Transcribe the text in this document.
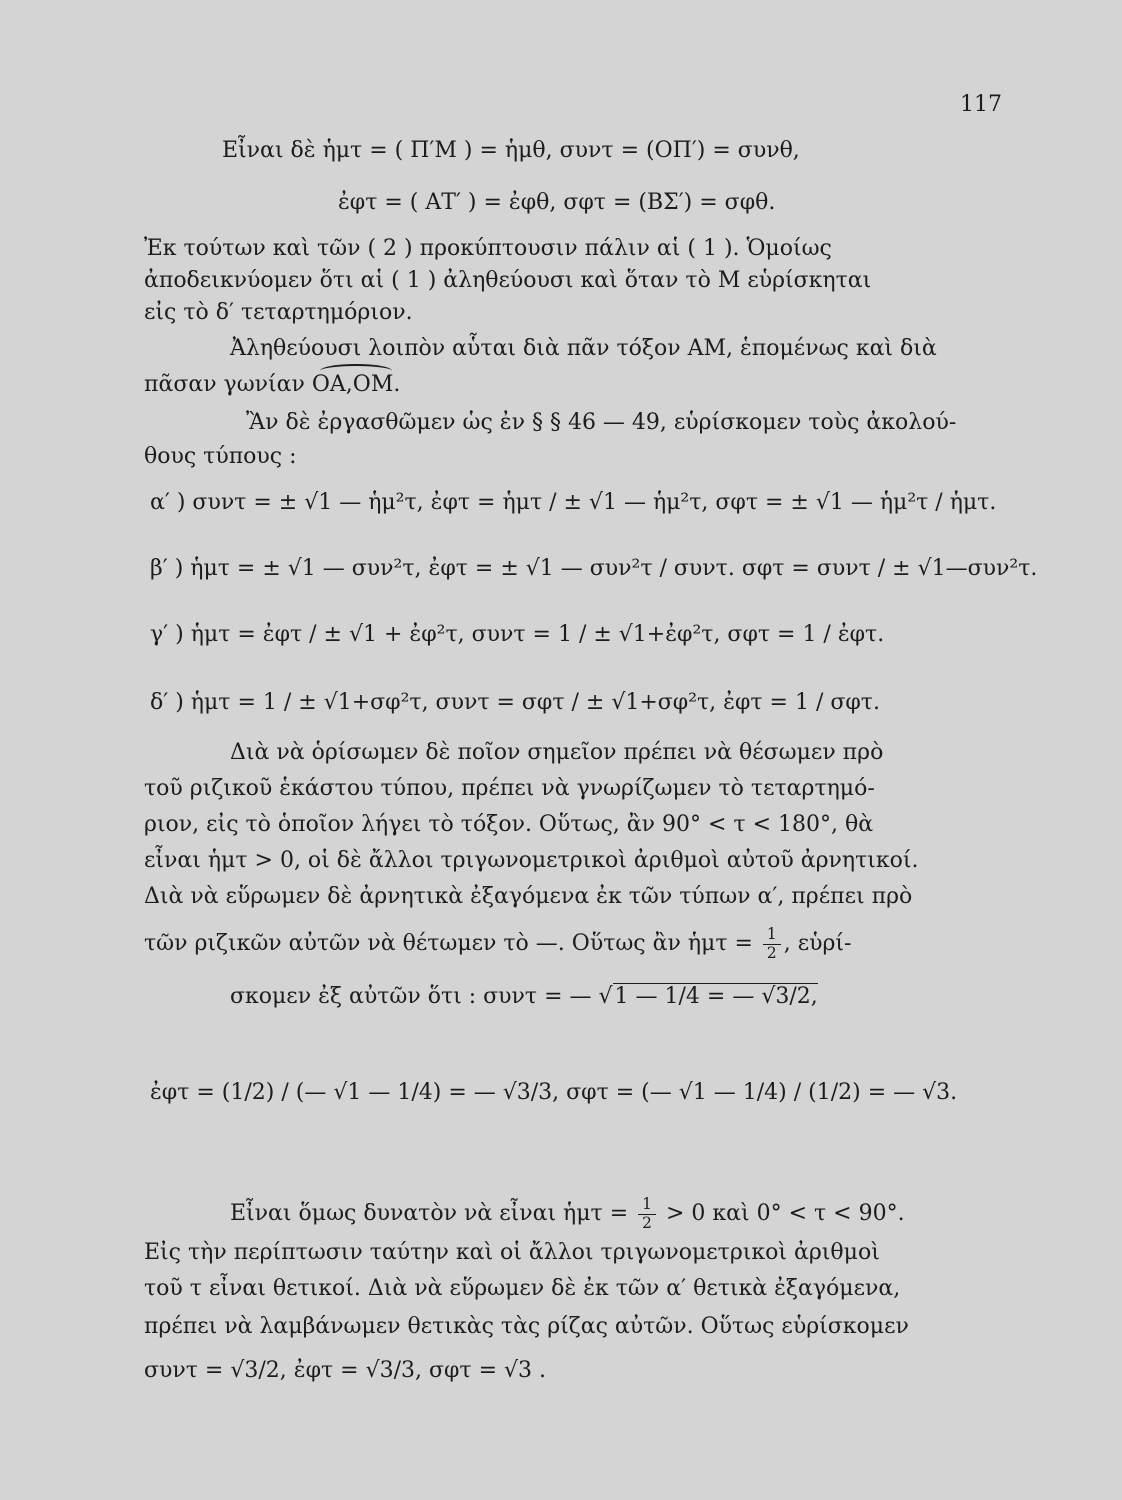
117
Εἶναι δὲ ἡμτ = ( Π′Μ ) = ἡμθ, συντ = (ΟΠ′) = συνθ,
ἐφτ = ( ΑΤ′ ) = ἐφθ, σφτ = (ΒΣ′) = σφθ.
Ἐκ τούτων καὶ τῶν ( 2 ) προκύπτουσιν πάλιν αἱ ( 1 ). Ὁμοίως
ἀποδεικνύομεν ὅτι αἱ ( 1 ) ἀληθεύουσι καὶ ὅταν τὸ Μ εὑρίσκηται
εἰς τὸ δ′ τεταρτημόριον.
Ἀληθεύουσι λοιπὸν αὗται διὰ πᾶν τόξον ΑΜ, ἑπομένως καὶ διὰ
πᾶσαν γωνίαν ΟΑ,ΟΜ.
Ἂν δὲ ἐργασθῶμεν ὡς ἐν § § 46 — 49, εὑρίσκομεν τοὺς ἀκολού-
θους τύπους :
α′ ) συντ = ± √1 — ἡμ²τ, ἐφτ = ἡμτ / ± √1 — ἡμ²τ, σφτ = ± √1 — ἡμ²τ / ἡμτ.
β′ ) ἡμτ = ± √1 — συν²τ, ἐφτ = ± √1 — συν²τ / συντ. σφτ = συντ / ± √1—συν²τ.
γ′ ) ἡμτ = ἐφτ / ± √1 + ἐφ²τ, συντ = 1 / ± √1+ἐφ²τ, σφτ = 1 / ἐφτ.
δ′ ) ἡμτ = 1 / ± √1+σφ²τ, συντ = σφτ / ± √1+σφ²τ, ἐφτ = 1 / σφτ.
Διὰ νὰ ὁρίσωμεν δὲ ποῖον σημεῖον πρέπει νὰ θέσωμεν πρὸ
τοῦ ριζικοῦ ἑκάστου τύπου, πρέπει νὰ γνωρίζωμεν τὸ τεταρτημό-
ριον, εἰς τὸ ὁποῖον λήγει τὸ τόξον. Οὕτως, ἂν 90° < τ < 180°, θὰ
εἶναι ἡμτ > 0, οἱ δὲ ἄλλοι τριγωνομετρικοὶ ἀριθμοὶ αὐτοῦ ἀρνητικοί.
Διὰ νὰ εὕρωμεν δὲ ἀρνητικὰ ἐξαγόμενα ἐκ τῶν τύπων α′, πρέπει πρὸ
τῶν ριζικῶν αὐτῶν νὰ θέτωμεν τὸ —. Οὕτως ἂν ἡμτ = $\frac{1}{2}$ , εὑρί-
σκομεν ἐξ αὐτῶν ὅτι : συντ = — √1 — 1/4 = — √3/2,
ἐφτ = (1/2) / (— √1 — 1/4) = — √3/3, σφτ = (— √1 — 1/4) / (1/2) = — √3.
Εἶναι ὅμως δυνατὸν νὰ εἶναι ἡμτ = $\frac{1}{2} > 0$ καὶ 0° < τ < 90°.
Εἰς τὴν περίπτωσιν ταύτην καὶ οἱ ἄλλοι τριγωνομετρικοὶ ἀριθμοὶ
τοῦ τ εἶναι θετικοί. Διὰ νὰ εὕρωμεν δὲ ἐκ τῶν α′ θετικὰ ἐξαγόμενα,
πρέπει νὰ λαμβάνωμεν θετικὰς τὰς ρίζας αὐτῶν. Οὕτως εὑρίσκομεν
συντ = √3/2, ἐφτ = √3/3, σφτ = √3 .
